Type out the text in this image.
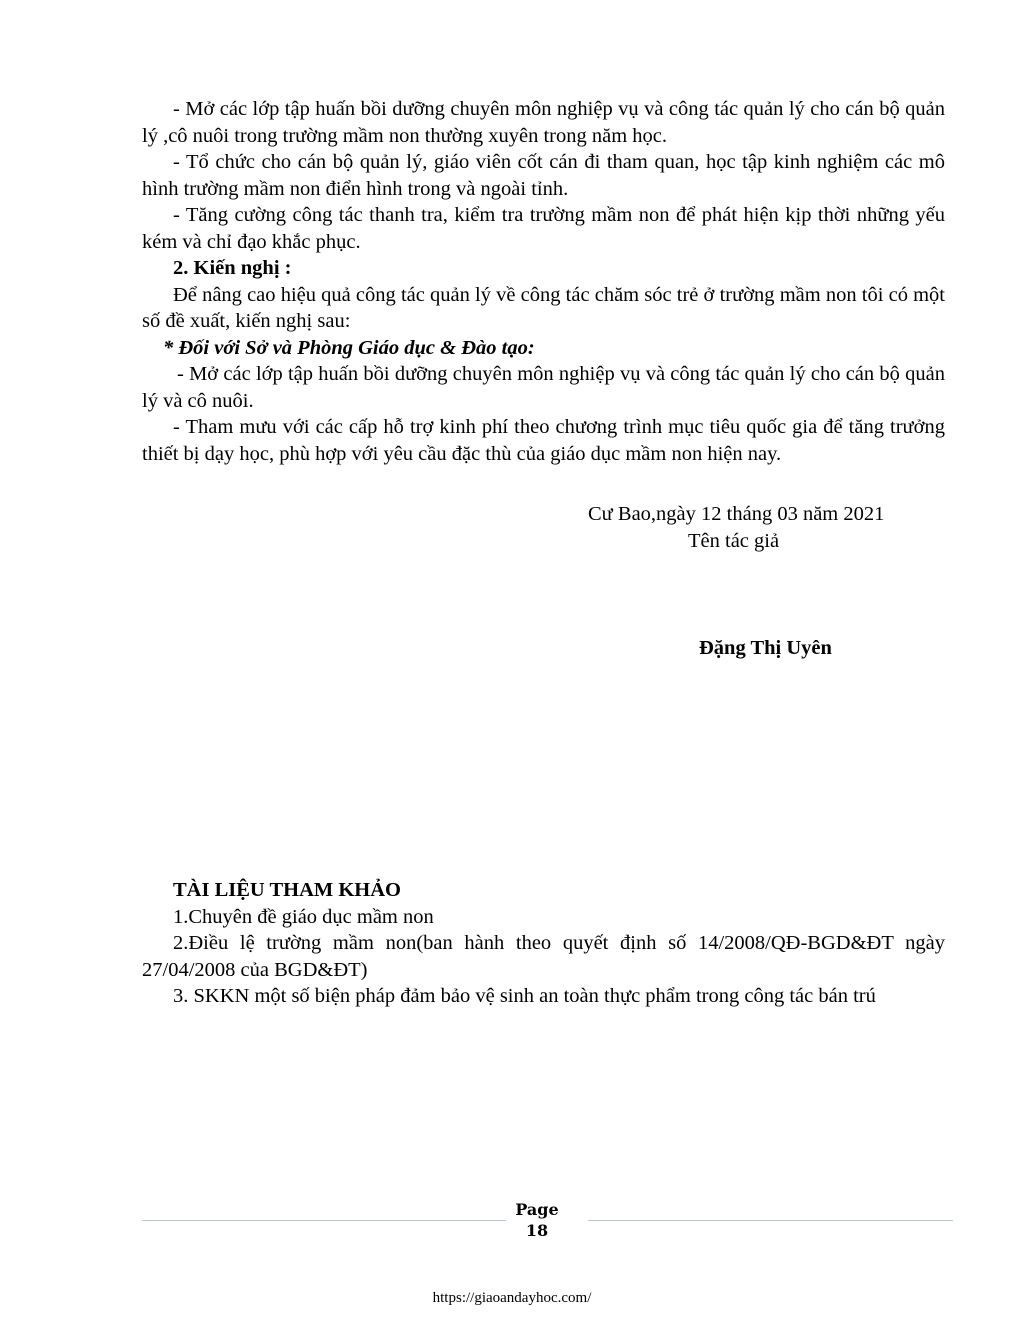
- Mở các lớp tập huấn bồi dưỡng chuyên môn nghiệp vụ và công tác quản lý cho cán bộ quản lý ,cô nuôi trong trường mầm non thường xuyên trong năm học.

- Tổ chức cho cán bộ quản lý, giáo viên cốt cán đi tham quan, học tập kinh nghiệm các mô hình trường mầm non điển hình trong và ngoài tỉnh.

- Tăng cường công tác thanh tra, kiểm tra trường mầm non để phát hiện kịp thời những yếu kém và chỉ đạo khắc phục.

2. Kiến nghị :

Để nâng cao hiệu quả công tác quản lý về công tác chăm sóc trẻ ở trường mầm non tôi có một số đề xuất, kiến nghị sau:

* Đối với Sở và Phòng Giáo dục & Đào tạo:

- Mở các lớp tập huấn bồi dưỡng chuyên môn nghiệp vụ và công tác quản lý cho cán bộ quản lý và cô nuôi.

- Tham mưu với các cấp hỗ trợ kinh phí theo chương trình mục tiêu quốc gia để tăng trưởng thiết bị dạy học, phù hợp với yêu cầu đặc thù của giáo dục mầm non hiện nay.

Cư Bao,ngày 12 tháng 03 năm 2021
Tên tác giả
Đặng Thị Uyên

TÀI LIỆU THAM KHẢO

1.Chuyên đề giáo dục mầm non

2.Điều lệ trường mầm non(ban hành theo quyết định số 14/2008/QĐ-BGD&ĐT ngày 27/04/2008 của BGD&ĐT)

3. SKKN một số biện pháp đảm bảo vệ sinh an toàn thực phẩm trong công tác bán trú

Page
18
https://giaoandayhoc.com/
